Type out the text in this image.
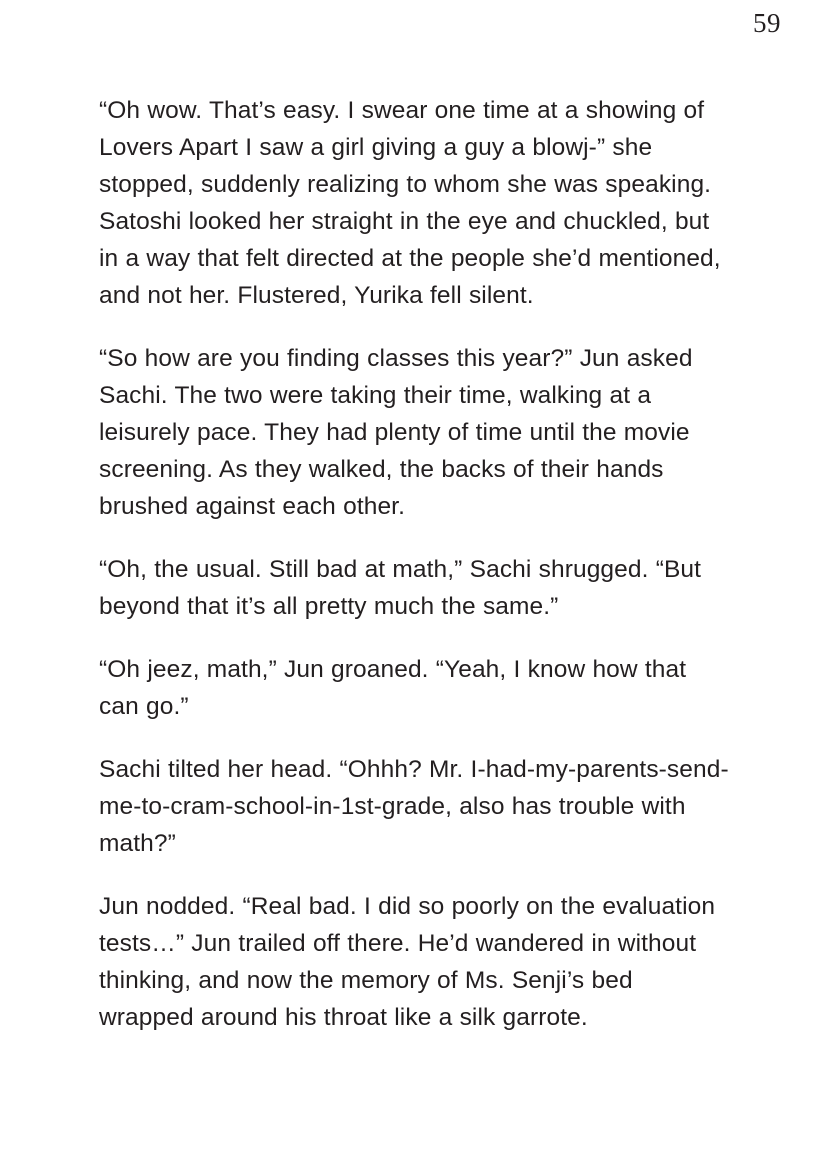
59

“Oh wow. That’s easy. I swear one time at a showing of Lovers Apart I saw a girl giving a guy a blowj-” she stopped, suddenly realizing to whom she was speaking. Satoshi looked her straight in the eye and chuckled, but in a way that felt directed at the people she’d mentioned, and not her. Flustered, Yurika fell silent.

“So how are you finding classes this year?” Jun asked Sachi. The two were taking their time, walking at a leisurely pace. They had plenty of time until the movie screening. As they walked, the backs of their hands brushed against each other.

“Oh, the usual. Still bad at math,” Sachi shrugged. “But beyond that it’s all pretty much the same.”

“Oh jeez, math,” Jun groaned. “Yeah, I know how that can go.”

Sachi tilted her head. “Ohhh? Mr. I-had-my-parents-send-me-to-cram-school-in-1st-grade, also has trouble with math?”

Jun nodded. “Real bad. I did so poorly on the evaluation tests…” Jun trailed off there. He’d wandered in without thinking, and now the memory of Ms. Senji’s bed wrapped around his throat like a silk garrote.
